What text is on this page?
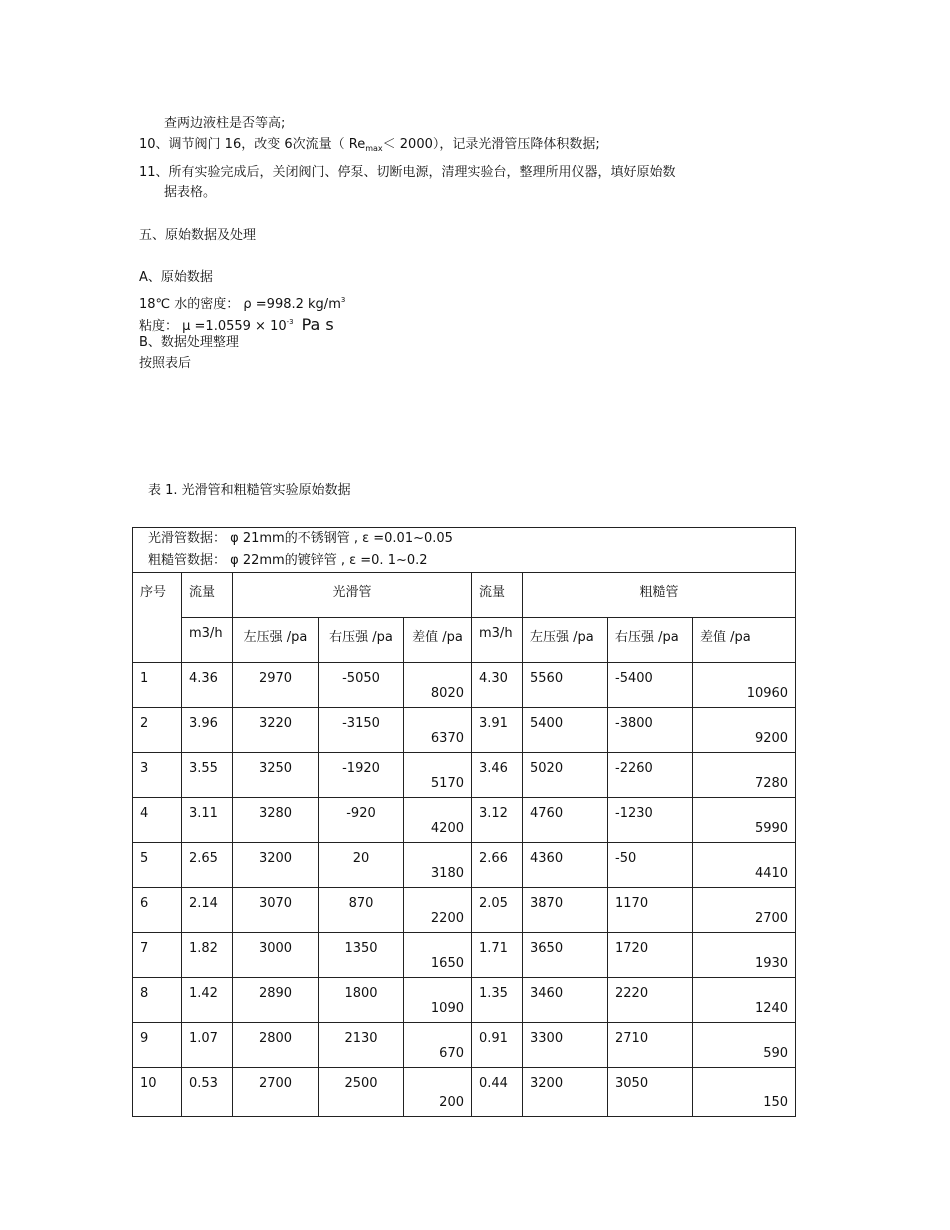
查两边液柱是否等高;
10、调节阀门 16，改变 6次流量（ $Re_{max}< 2000$），记录光滑管压降体积数据;
11、所有实验完成后，关闭阀门、停泵、切断电源，清理实验台，整理所用仪器，填好原始数
据表格。
五、原始数据及处理
A、原始数据
18℃ 水的密度： ρ =998.2 $kg/m^3$
粘度： $\mu =1.0559 \times 10^{-3}$ Pa s
B、数据处理整理
按照表后
表 1. 光滑管和粗糙管实验原始数据
光滑管数据： φ 21mm的不锈钢管 , ε =0.01~0.05
粗糙管数据： φ 22mm的镀锌管 , ε =0. 1~0.2								

序号	流量	光滑管			流量	粗糙管		
	m3/h	左压强 /pa	右压强 /pa	差值 /pa	m3/h	左压强 /pa	右压强 /pa	差值 /pa
1	4.36	2970	-5050	8020	4.30	5560	-5400	10960
2	3.96	3220	-3150	6370	3.91	5400	-3800	9200
3	3.55	3250	-1920	5170	3.46	5020	-2260	7280
4	3.11	3280	-920	4200	3.12	4760	-1230	5990
5	2.65	3200	20	3180	2.66	4360	-50	4410
6	2.14	3070	870	2200	2.05	3870	1170	2700
7	1.82	3000	1350	1650	1.71	3650	1720	1930
8	1.42	2890	1800	1090	1.35	3460	2220	1240
9	1.07	2800	2130	670	0.91	3300	2710	590
10	0.53	2700	2500	200	0.44	3200	3050	150
